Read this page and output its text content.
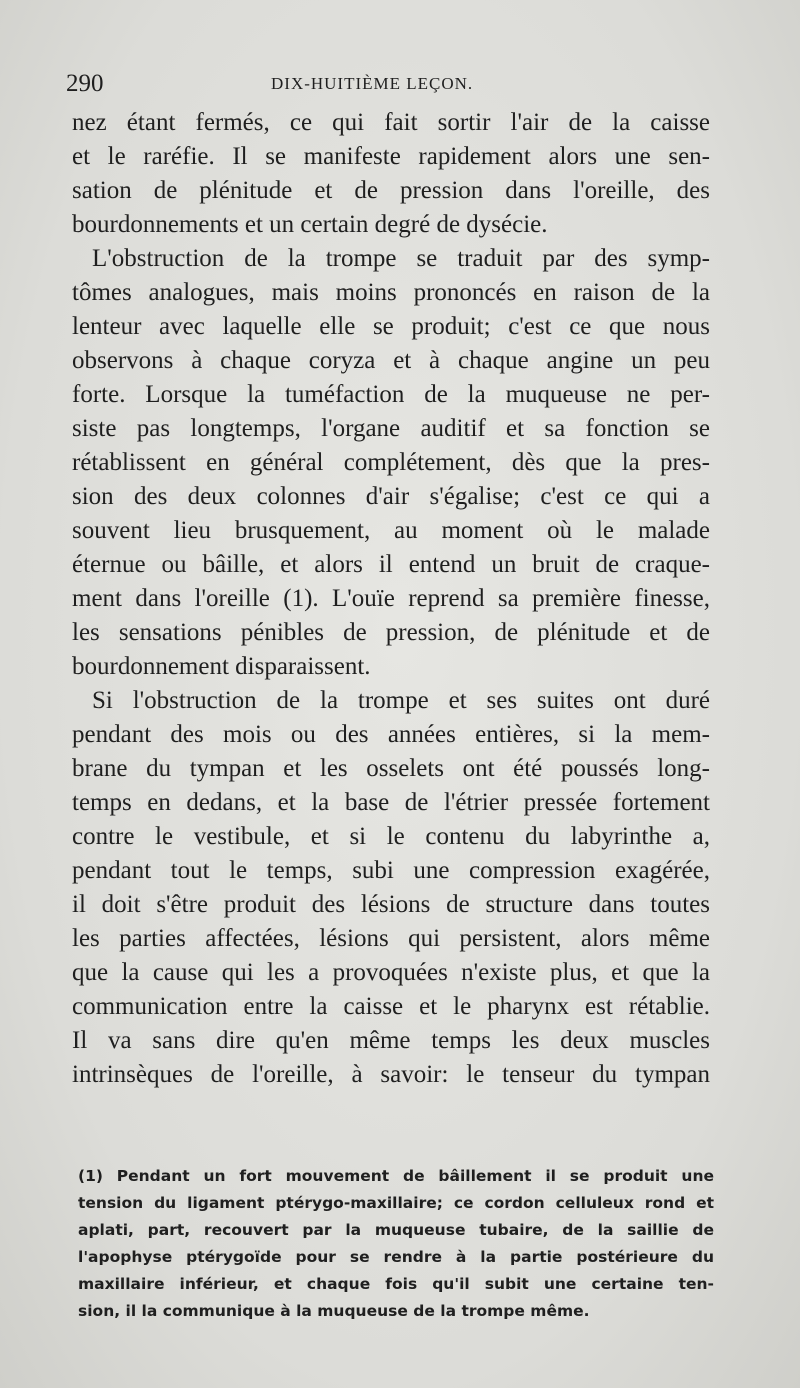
290	DIX-HUITIÈME LEÇON.
nez étant fermés, ce qui fait sortir l'air de la caisse
et le raréfie. Il se manifeste rapidement alors une sen-
sation de plénitude et de pression dans l'oreille, des
bourdonnements et un certain degré de dysécie.
L'obstruction de la trompe se traduit par des symp-
tômes analogues, mais moins prononcés en raison de la
lenteur avec laquelle elle se produit; c'est ce que nous
observons à chaque coryza et à chaque angine un peu
forte. Lorsque la tuméfaction de la muqueuse ne per-
siste pas longtemps, l'organe auditif et sa fonction se
rétablissent en général complétement, dès que la pres-
sion des deux colonnes d'air s'égalise; c'est ce qui a
souvent lieu brusquement, au moment où le malade
éternue ou bâille, et alors il entend un bruit de craque-
ment dans l'oreille (1). L'ouïe reprend sa première finesse,
les sensations pénibles de pression, de plénitude et de
bourdonnement disparaissent.
Si l'obstruction de la trompe et ses suites ont duré
pendant des mois ou des années entières, si la mem-
brane du tympan et les osselets ont été poussés long-
temps en dedans, et la base de l'étrier pressée fortement
contre le vestibule, et si le contenu du labyrinthe a,
pendant tout le temps, subi une compression exagérée,
il doit s'être produit des lésions de structure dans toutes
les parties affectées, lésions qui persistent, alors même
que la cause qui les a provoquées n'existe plus, et que la
communication entre la caisse et le pharynx est rétablie.
Il va sans dire qu'en même temps les deux muscles
intrinsèques de l'oreille, à savoir: le tenseur du tympan
(1) Pendant un fort mouvement de bâillement il se produit une
tension du ligament ptérygo-maxillaire; ce cordon celluleux rond et
aplati, part, recouvert par la muqueuse tubaire, de la saillie de
l'apophyse ptérygoïde pour se rendre à la partie postérieure du
maxillaire inférieur, et chaque fois qu'il subit une certaine ten-
sion, il la communique à la muqueuse de la trompe même.
